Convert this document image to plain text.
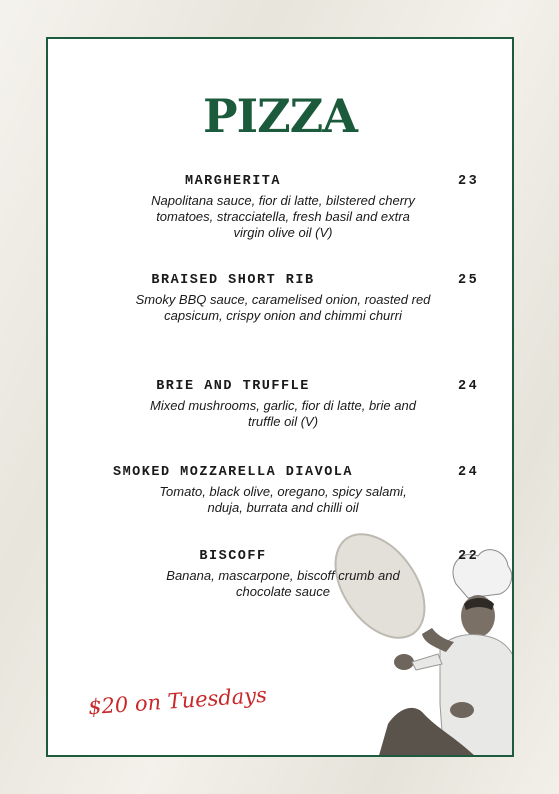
PIZZA
MARGHERITA	23
Napolitana sauce, fior di latte, bilstered cherry tomatoes, stracciatella, fresh basil and extra virgin olive oil (V)
BRAISED SHORT RIB	25
Smoky BBQ sauce, caramelised onion, roasted red capsicum, crispy onion and chimmi churri
BRIE AND TRUFFLE	24
Mixed mushrooms, garlic, fior di latte, brie and truffle oil (V)
SMOKED MOZZARELLA DIAVOLA	24
Tomato, black olive, oregano, spicy salami, nduja, burrata and chilli oil
BISCOFF	22
Banana, mascarpone, biscoff crumb and chocolate sauce
$20 on Tuesdays
